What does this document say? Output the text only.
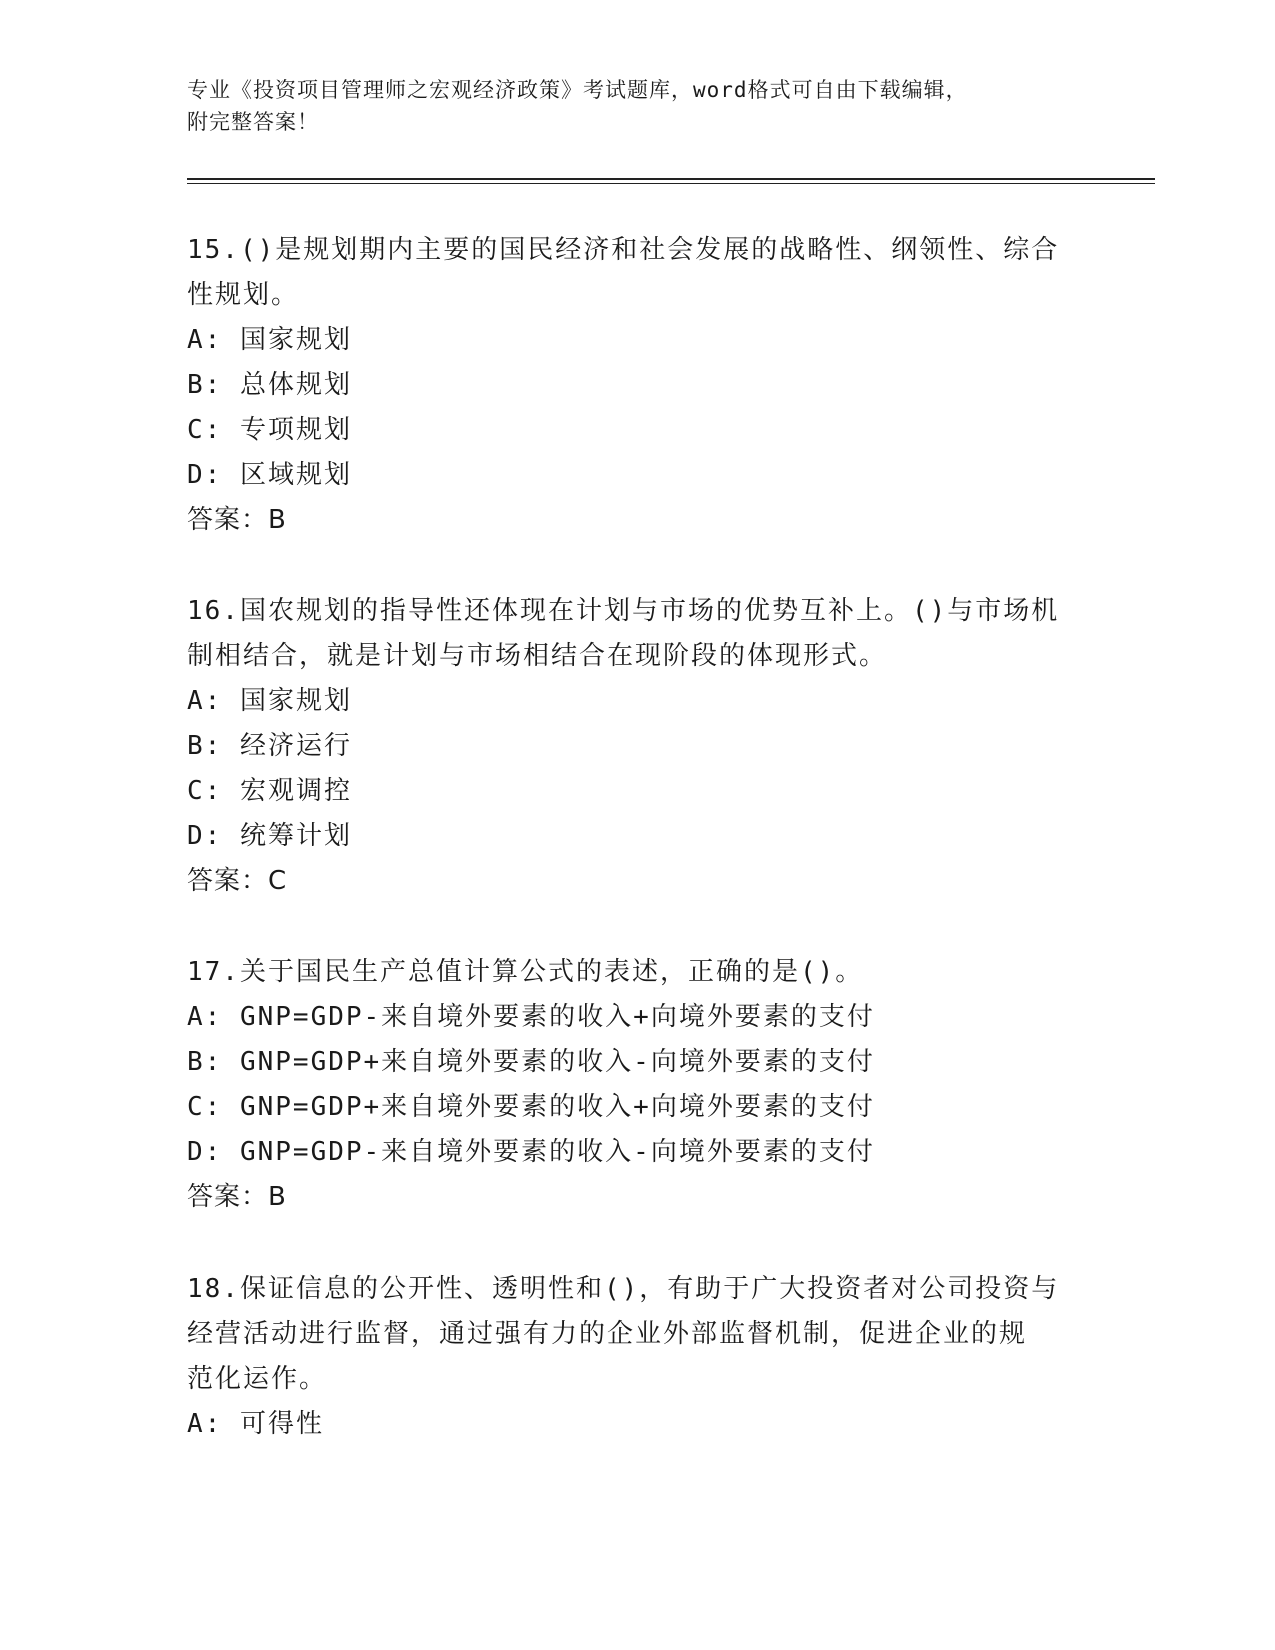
专业《投资项目管理师之宏观经济政策》考试题库，word格式可自由下载编辑，
附完整答案！

15.()是规划期内主要的国民经济和社会发展的战略性、纲领性、综合

性规划。

A: 国家规划

B: 总体规划

C: 专项规划

D: 区域规划

答案：B

16.国农规划的指导性还体现在计划与市场的优势互补上。()与市场机

制相结合，就是计划与市场相结合在现阶段的体现形式。

A: 国家规划

B: 经济运行

C: 宏观调控

D: 统筹计划

答案：C

17.关于国民生产总值计算公式的表述，正确的是()。

A: GNP=GDP-来自境外要素的收入+向境外要素的支付

B: GNP=GDP+来自境外要素的收入-向境外要素的支付

C: GNP=GDP+来自境外要素的收入+向境外要素的支付

D: GNP=GDP-来自境外要素的收入-向境外要素的支付

答案：B

18.保证信息的公开性、透明性和()，有助于广大投资者对公司投资与

经营活动进行监督，通过强有力的企业外部监督机制，促进企业的规

范化运作。

A: 可得性
